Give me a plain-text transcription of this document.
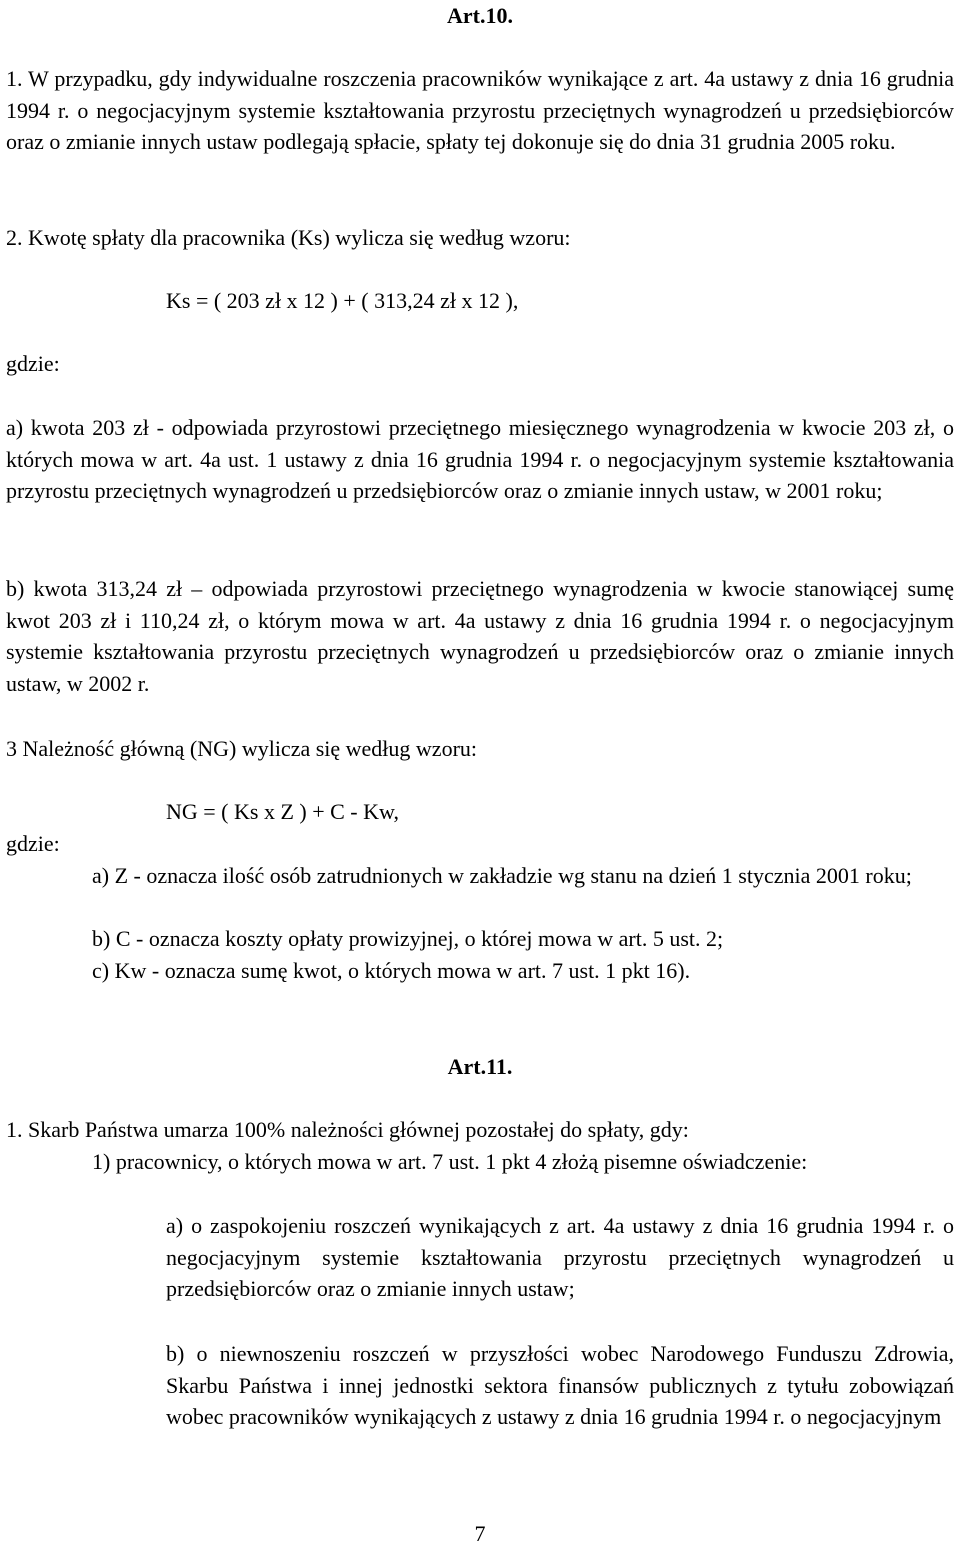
Art.10.
1. W przypadku, gdy indywidualne roszczenia pracowników wynikające z art. 4a ustawy z dnia 16 grudnia 1994 r. o negocjacyjnym systemie kształtowania przyrostu przeciętnych wynagrodzeń u przedsiębiorców oraz o zmianie innych ustaw podlegają spłacie, spłaty tej dokonuje się do dnia 31 grudnia 2005 roku.
2. Kwotę spłaty dla pracownika (Ks) wylicza się według wzoru:
Ks = ( 203 zł x 12 ) + ( 313,24 zł x 12 ),
gdzie:
a) kwota 203 zł - odpowiada przyrostowi przeciętnego miesięcznego wynagrodzenia w kwocie 203 zł, o których mowa w art. 4a ust. 1 ustawy z dnia 16 grudnia 1994 r. o negocjacyjnym systemie kształtowania przyrostu przeciętnych wynagrodzeń u przedsiębiorców oraz o zmianie innych ustaw, w 2001 roku;
b) kwota 313,24 zł – odpowiada przyrostowi przeciętnego wynagrodzenia w kwocie stanowiącej sumę kwot 203 zł i 110,24 zł, o którym mowa w art. 4a ustawy z dnia 16 grudnia 1994 r. o negocjacyjnym systemie kształtowania przyrostu przeciętnych wynagrodzeń u przedsiębiorców oraz o zmianie innych ustaw, w 2002 r.
3 Należność główną (NG) wylicza się według wzoru:
NG = ( Ks x Z ) + C - Kw,
gdzie:
a) Z - oznacza ilość osób zatrudnionych w zakładzie wg stanu na dzień 1 stycznia 2001 roku;
b) C - oznacza koszty opłaty prowizyjnej, o której mowa w art. 5 ust. 2;
c) Kw - oznacza sumę kwot, o których mowa w art. 7 ust. 1 pkt 16).
Art.11.
1. Skarb Państwa umarza 100% należności głównej pozostałej do spłaty, gdy:
1) pracownicy, o których mowa w art. 7 ust. 1 pkt 4 złożą pisemne oświadczenie:
a) o zaspokojeniu roszczeń wynikających z art. 4a ustawy z dnia 16 grudnia 1994 r. o negocjacyjnym systemie kształtowania przyrostu przeciętnych wynagrodzeń u przedsiębiorców oraz o zmianie innych ustaw;
b) o niewnoszeniu roszczeń w przyszłości wobec Narodowego Funduszu Zdrowia, Skarbu Państwa i innej jednostki sektora finansów publicznych z tytułu zobowiązań wobec pracowników wynikających z ustawy z dnia 16 grudnia 1994 r. o negocjacyjnym
7
